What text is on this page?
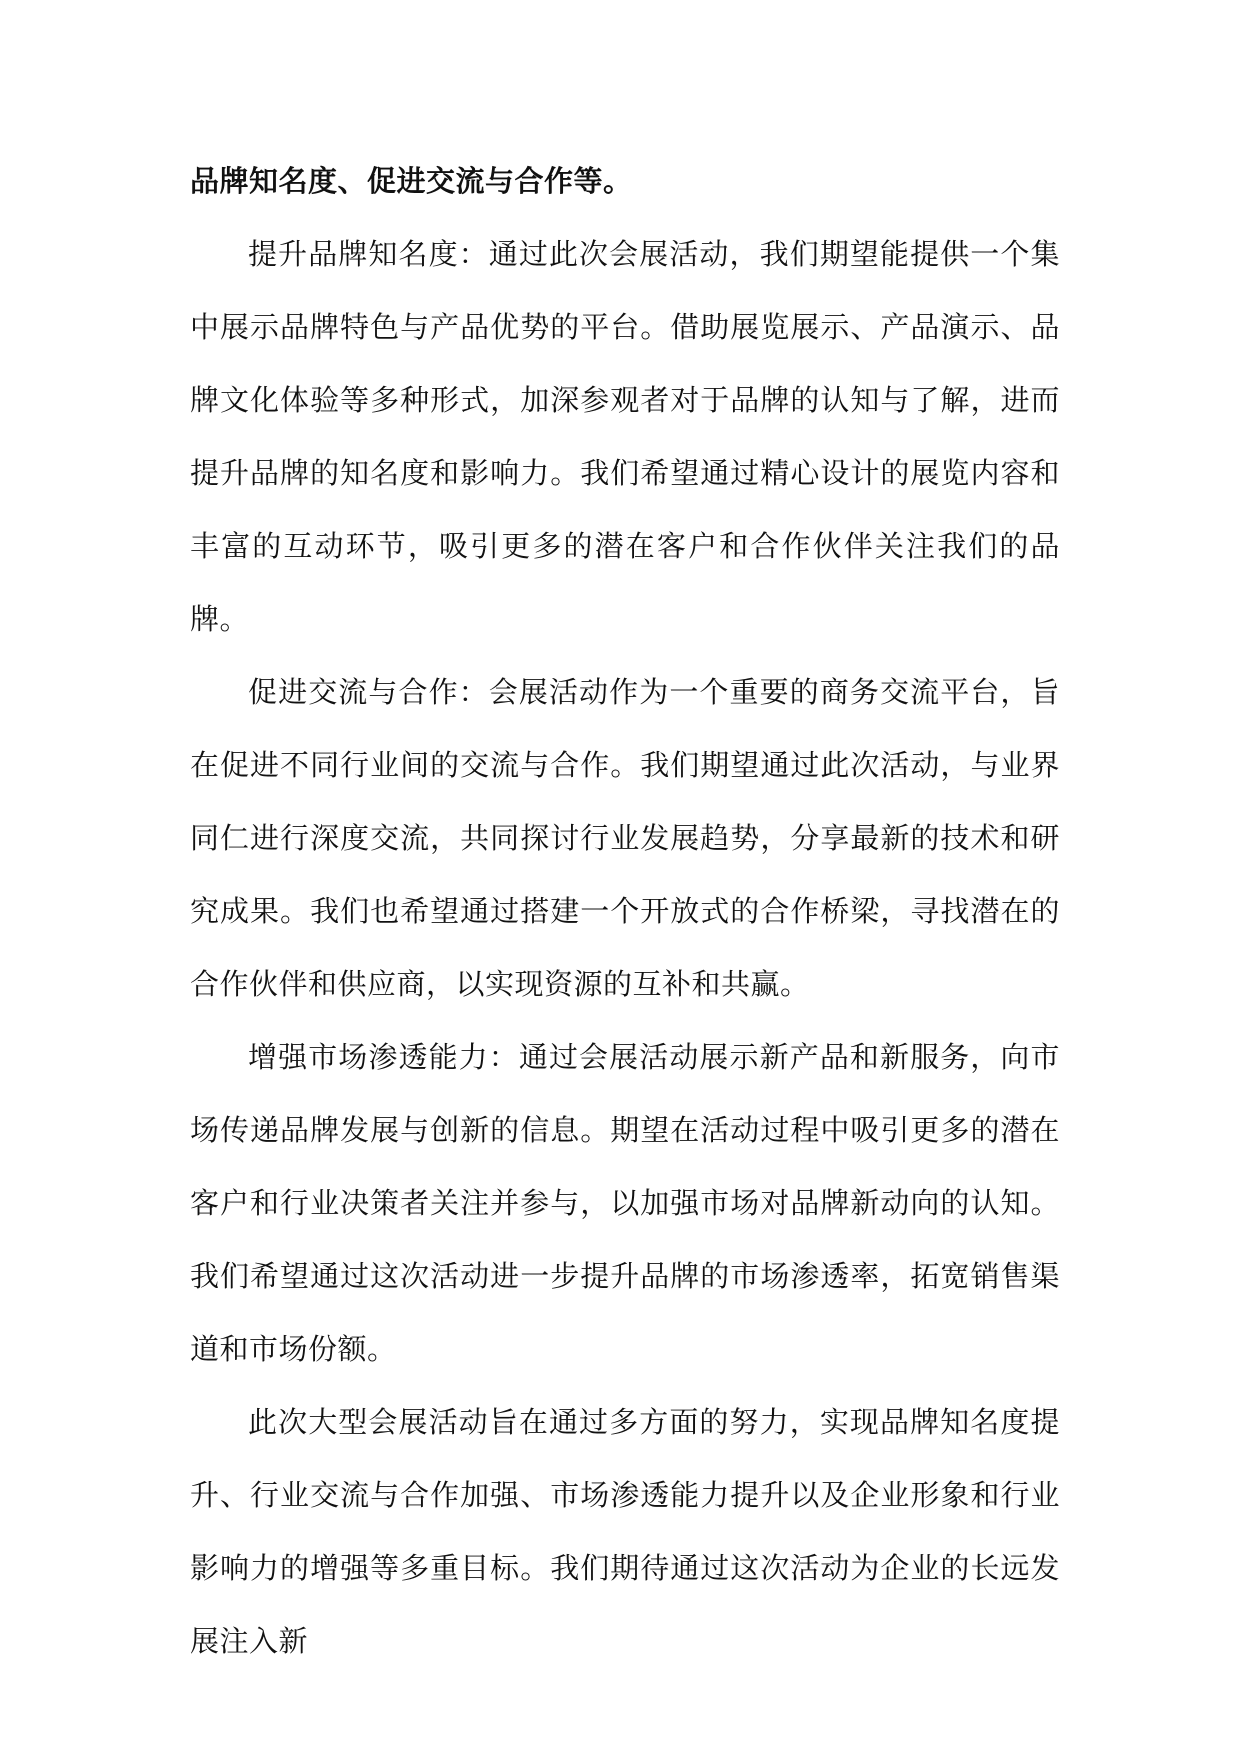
品牌知名度、促进交流与合作等。

提升品牌知名度：通过此次会展活动，我们期望能提供一个集中展示品牌特色与产品优势的平台。借助展览展示、产品演示、品牌文化体验等多种形式，加深参观者对于品牌的认知与了解，进而提升品牌的知名度和影响力。我们希望通过精心设计的展览内容和丰富的互动环节，吸引更多的潜在客户和合作伙伴关注我们的品牌。

促进交流与合作：会展活动作为一个重要的商务交流平台，旨在促进不同行业间的交流与合作。我们期望通过此次活动，与业界同仁进行深度交流，共同探讨行业发展趋势，分享最新的技术和研究成果。我们也希望通过搭建一个开放式的合作桥梁，寻找潜在的合作伙伴和供应商，以实现资源的互补和共赢。

增强市场渗透能力：通过会展活动展示新产品和新服务，向市场传递品牌发展与创新的信息。期望在活动过程中吸引更多的潜在客户和行业决策者关注并参与，以加强市场对品牌新动向的认知。我们希望通过这次活动进一步提升品牌的市场渗透率，拓宽销售渠道和市场份额。

此次大型会展活动旨在通过多方面的努力，实现品牌知名度提升、行业交流与合作加强、市场渗透能力提升以及企业形象和行业影响力的增强等多重目标。我们期待通过这次活动为企业的长远发展注入新
